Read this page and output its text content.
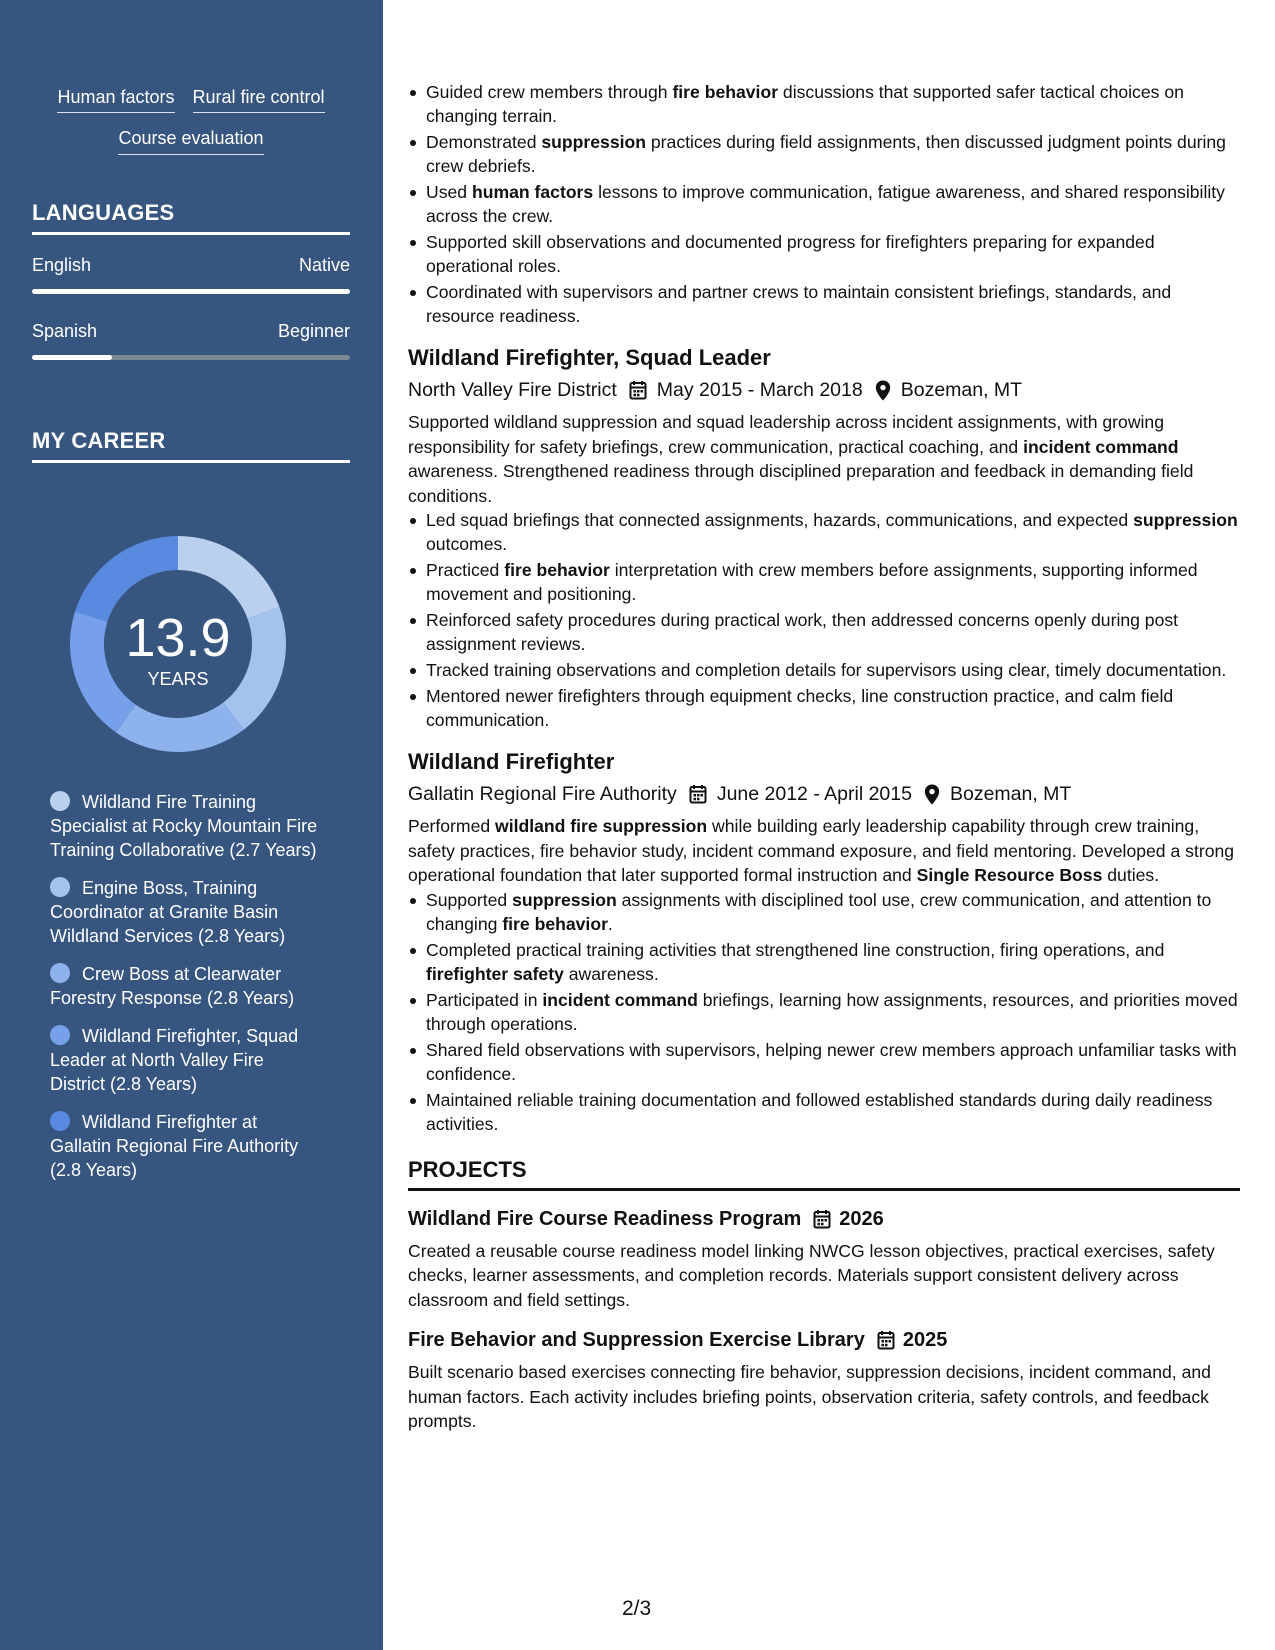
Human factors Rural fire control
Course evaluation
LANGUAGES
English	Native
Spanish	Beginner
MY CAREER
13.9
YEARS
Wildland Fire Training Specialist at Rocky Mountain Fire Training Collaborative (2.7 Years)
Engine Boss, Training Coordinator at Granite Basin Wildland Services (2.8 Years)
Crew Boss at Clearwater Forestry Response (2.8 Years)
Wildland Firefighter, Squad Leader at North Valley Fire District (2.8 Years)
Wildland Firefighter at Gallatin Regional Fire Authority (2.8 Years)
Guided crew members through fire behavior discussions that supported safer tactical choices on changing terrain.
Demonstrated suppression practices during field assignments, then discussed judgment points during crew debriefs.
Used human factors lessons to improve communication, fatigue awareness, and shared responsibility across the crew.
Supported skill observations and documented progress for firefighters preparing for expanded operational roles.
Coordinated with supervisors and partner crews to maintain consistent briefings, standards, and resource readiness.
Wildland Firefighter, Squad Leader
North Valley Fire District May 2015 - March 2018 Bozeman, MT
Supported wildland suppression and squad leadership across incident assignments, with growing responsibility for safety briefings, crew communication, practical coaching, and incident command awareness. Strengthened readiness through disciplined preparation and feedback in demanding field conditions.
Led squad briefings that connected assignments, hazards, communications, and expected suppression outcomes.
Practiced fire behavior interpretation with crew members before assignments, supporting informed movement and positioning.
Reinforced safety procedures during practical work, then addressed concerns openly during post assignment reviews.
Tracked training observations and completion details for supervisors using clear, timely documentation.
Mentored newer firefighters through equipment checks, line construction practice, and calm field communication.
Wildland Firefighter
Gallatin Regional Fire Authority June 2012 - April 2015 Bozeman, MT
Performed wildland fire suppression while building early leadership capability through crew training, safety practices, fire behavior study, incident command exposure, and field mentoring. Developed a strong operational foundation that later supported formal instruction and Single Resource Boss duties.
Supported suppression assignments with disciplined tool use, crew communication, and attention to changing fire behavior.
Completed practical training activities that strengthened line construction, firing operations, and firefighter safety awareness.
Participated in incident command briefings, learning how assignments, resources, and priorities moved through operations.
Shared field observations with supervisors, helping newer crew members approach unfamiliar tasks with confidence.
Maintained reliable training documentation and followed established standards during daily readiness activities.
PROJECTS
Wildland Fire Course Readiness Program 2026
Created a reusable course readiness model linking NWCG lesson objectives, practical exercises, safety checks, learner assessments, and completion records. Materials support consistent delivery across classroom and field settings.
Fire Behavior and Suppression Exercise Library 2025
Built scenario based exercises connecting fire behavior, suppression decisions, incident command, and human factors. Each activity includes briefing points, observation criteria, safety controls, and feedback prompts.
2/3
